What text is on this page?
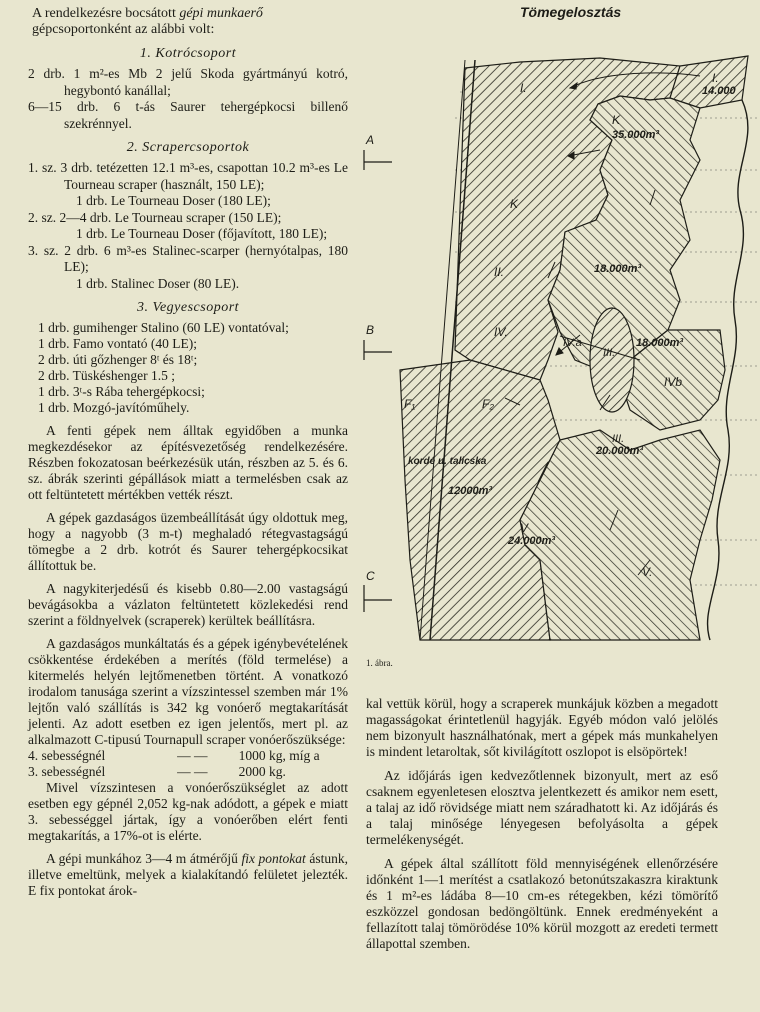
A rendelkezésre bocsátott gépi munkaerő
gépcsoportonként az alábbi volt:

1. Kotrócsoport

2 drb. 1 m²-es Mb 2 jelű Skoda gyártmányú kotró, hegybontó kanállal;

6—15 drb. 6 t-ás Saurer tehergépkocsi billenő szekrénnyel.

2. Scrapercsoportok

1. sz. 3 drb. tetézetten 12.1 m³-es, csapottan 10.2 m³-es Le Tourneau scraper (használt, 150 LE);

1 drb. Le Tourneau Doser (180 LE);

2. sz. 2—4 drb. Le Tourneau scraper (150 LE);

1 drb. Le Tourneau Doser (főjavított, 180 LE);

3. sz. 2 drb. 6 m³-es Stalinec-scarper (hernyótalpas, 180 LE);

1 drb. Stalinec Doser (80 LE).

3. Vegyescsoport

1 drb. gumihenger Stalino (60 LE) vontatóval;

1 drb. Famo vontató (40 LE);

2 drb. úti gőzhenger 8ᵗ és 18ᵗ;

2 drb. Tüskéshenger 1.5 ;

1 drb. 3ᵗ-s Rába tehergépkocsi;

1 drb. Mozgó-javítóműhely.

A fenti gépek nem álltak egyidőben a munka megkezdésekor az építésvezetőség rendelkezésére. Részben fokozatosan beérkezésük után, részben az 5. és 6. sz. ábrák szerinti gépállások miatt a termelésben csak az ott feltüntetett mértékben vették részt.

A gépek gazdaságos üzembeállítását úgy oldottuk meg, hogy a nagyobb (3 m-t) meghaladó rétegvastagságú tömegbe a 2 drb. kotrót és Saurer tehergépkocsikat állítottuk be.

A nagykiterjedésű és kisebb 0.80—2.00 vastagságú bevágásokba a vázlaton feltüntetett közlekedési rend szerint a földnyelvek (scraperek) kerültek beállításra.

A gazdaságos munkáltatás és a gépek igénybevételének csökkentése érdekében a merítés (föld termelése) a kitermelés helyén lejtőmenetben történt. A vonatkozó irodalom tanusága szerint a vízszintessel szemben már 1% lejtőn való szállítás is 342 kg vonóerő megtakarítását jelenti. Az adott esetben ez igen jelentős, mert pl. az alkalmazott C-tipusú Tournapull scraper vonóerőszüksége:

4. sebességnél	— —	1000 kg, míg a
3. sebességnél	— —	2000 kg.

Mivel vízszintesen a vonóerőszükséglet az adott esetben egy gépnél 2,052 kg-nak adódott, a gépek e miatt 3. sebességgel jártak, így a vonóerőben elért fenti megtakarítás, a 17%-ot is elérte.

A gépi munkához 3—4 m átmérőjű fix pontokat ástunk, illetve emeltünk, melyek a kialakítandó felületet jelezték. E fix pontokat árok-

Tömegelosztás
A
B
C
I.
14.000
I.
K
35.000m³
K
II.	18.000m³
IV.
IV.a
III.
18.000m³
IVb
III.
20.000m³
F₁	F₂
kordé u. talicska
12000m³
V
24.000m³
V.
1. ábra.

kal vettük körül, hogy a scraperek munkájuk közben a megadott magasságokat érintetlenül hagyják. Egyéb módon való jelölés nem bizonyult használhatónak, mert a gépek más munkahelyen is mindent letaroltak, sőt kivilágított oszlopot is elsöpörtek!

Az időjárás igen kedvezőtlennek bizonyult, mert az eső csaknem egyenletesen elosztva jelentkezett és amikor nem esett, a talaj az idő rövidsége miatt nem száradhatott ki. Az időjárás és a talaj minősége lényegesen befolyásolta a gépek termelékenységét.

A gépek által szállított föld mennyiségének ellenőrzésére időnként 1—1 merítést a csatlakozó betonútszakaszra kiraktunk és 1 m²-es ládába 8—10 cm-es rétegekben, kézi tömörítő eszközzel gondosan bedöngöltünk. Ennek eredményeként a fellazított talaj tömörödése 10% körül mozgott az eredeti termett állapottal szemben.
